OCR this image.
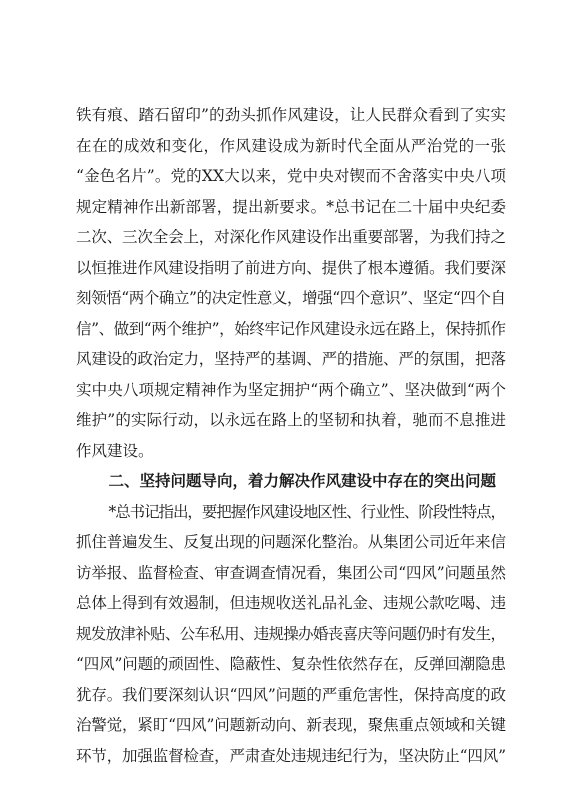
铁有痕、踏石留印”的劲头抓作风建设，让人民群众看到了实实
在在的成效和变化，作风建设成为新时代全面从严治党的一张
“金色名片”。党的XX大以来，党中央对锲而不舍落实中央八项
规定精神作出新部署，提出新要求。*总书记在二十届中央纪委
二次、三次全会上，对深化作风建设作出重要部署，为我们持之
以恒推进作风建设指明了前进方向、提供了根本遵循。我们要深
刻领悟“两个确立”的决定性意义，增强“四个意识”、坚定“四个自
信”、做到“两个维护”，始终牢记作风建设永远在路上，保持抓作
风建设的政治定力，坚持严的基调、严的措施、严的氛围，把落
实中央八项规定精神作为坚定拥护“两个确立”、坚决做到“两个
维护”的实际行动，以永远在路上的坚韧和执着，驰而不息推进
作风建设。
二、坚持问题导向，着力解决作风建设中存在的突出问题
*总书记指出，要把握作风建设地区性、行业性、阶段性特点，
抓住普遍发生、反复出现的问题深化整治。从集团公司近年来信
访举报、监督检查、审查调查情况看，集团公司“四风”问题虽然
总体上得到有效遏制，但违规收送礼品礼金、违规公款吃喝、违
规发放津补贴、公车私用、违规操办婚丧喜庆等问题仍时有发生，
“四风”问题的顽固性、隐蔽性、复杂性依然存在，反弹回潮隐患
犹存。我们要深刻认识“四风”问题的严重危害性，保持高度的政
治警觉，紧盯“四风”问题新动向、新表现，聚焦重点领域和关键
环节，加强监督检查，严肃查处违规违纪行为，坚决防止“四风”
